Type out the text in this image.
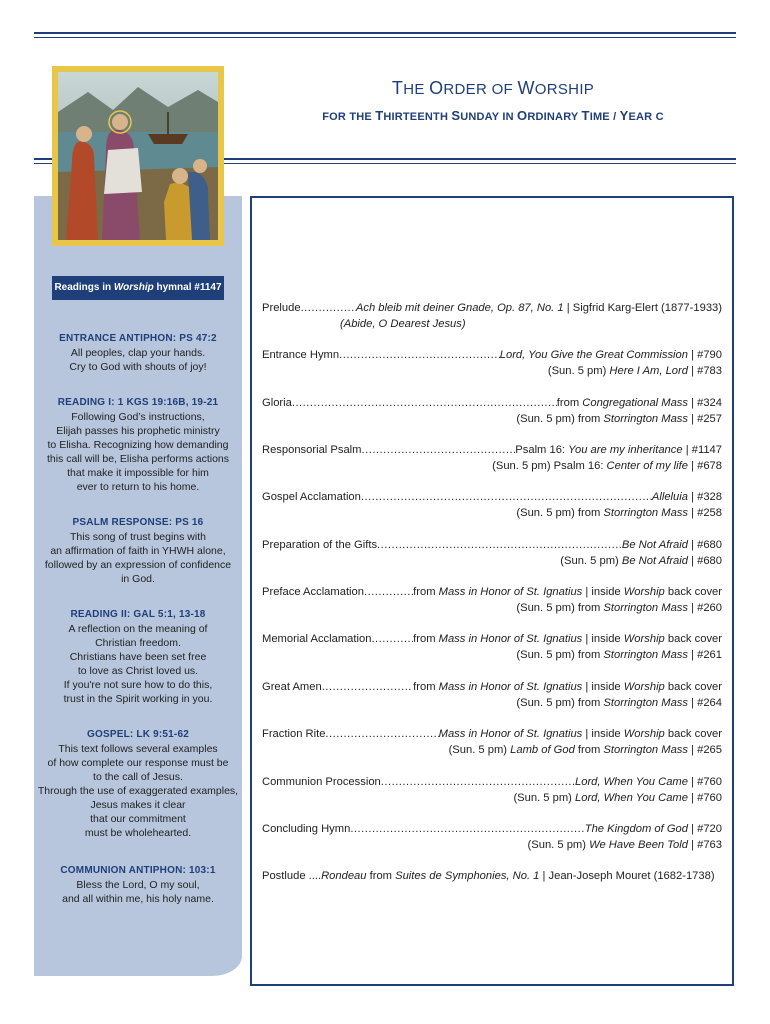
THE ORDER OF WORSHIP
FOR THE THIRTEENTH SUNDAY IN ORDINARY TIME / YEAR C
Readings in Worship hymnal #1147
ENTRANCE ANTIPHON: PS 47:2
All peoples, clap your hands.
Cry to God with shouts of joy!
READING I: 1 KGS 19:16B, 19-21
Following God’s instructions,
Elijah passes his prophetic ministry
to Elisha. Recognizing how demanding
this call will be, Elisha performs actions
that make it impossible for him
ever to return to his home.
PSALM RESPONSE: PS 16
This song of trust begins with
an affirmation of faith in YHWH alone,
followed by an expression of confidence
in God.
READING II: GAL 5:1, 13-18
A reflection on the meaning of
Christian freedom.
Christians have been set free
to love as Christ loved us.
If you're not sure how to do this,
trust in the Spirit working in you.
GOSPEL: LK 9:51-62
This text follows several examples
of how complete our response must be
to the call of Jesus.
Through the use of exaggerated examples,
Jesus makes it clear
that our commitment
must be wholehearted.
COMMUNION ANTIPHON: 103:1
Bless the Lord, O my soul,
and all within me, his holy name.
Prelude .....	Ach bleib mit deiner Gnade, Op. 87, No. 1 | Sigfrid Karg-Elert (1877-1933)
(Abide, O Dearest Jesus)
Entrance Hymn .....	Lord, You Give the Great Commission | #790
(Sun. 5 pm) Here I Am, Lord | #783
Gloria .....	from Congregational Mass | #324
(Sun. 5 pm) from Storrington Mass | #257
Responsorial Psalm .....	Psalm 16: You are my inheritance | #1147
(Sun. 5 pm) Psalm 16: Center of my life | #678
Gospel Acclamation .....	Alleluia | #328
(Sun. 5 pm) from Storrington Mass | #258
Preparation of the Gifts .....	Be Not Afraid | #680
(Sun. 5 pm) Be Not Afraid | #680
Preface Acclamation .....	from Mass in Honor of St. Ignatius | inside Worship back cover
(Sun. 5 pm) from Storrington Mass | #260
Memorial Acclamation .....	from Mass in Honor of St. Ignatius | inside Worship back cover
(Sun. 5 pm) from Storrington Mass | #261
Great Amen .....	from Mass in Honor of St. Ignatius | inside Worship back cover
(Sun. 5 pm) from Storrington Mass | #264
Fraction Rite .....	Mass in Honor of St. Ignatius | inside Worship back cover
(Sun. 5 pm) Lamb of God from Storrington Mass | #265
Communion Procession .....	Lord, When You Came | #760
(Sun. 5 pm) Lord, When You Came | #760
Concluding Hymn .....	The Kingdom of God | #720
(Sun. 5 pm) We Have Been Told | #763
Postlude .... Rondeau from Suites de Symphonies, No. 1 | Jean-Joseph Mouret (1682-1738)
